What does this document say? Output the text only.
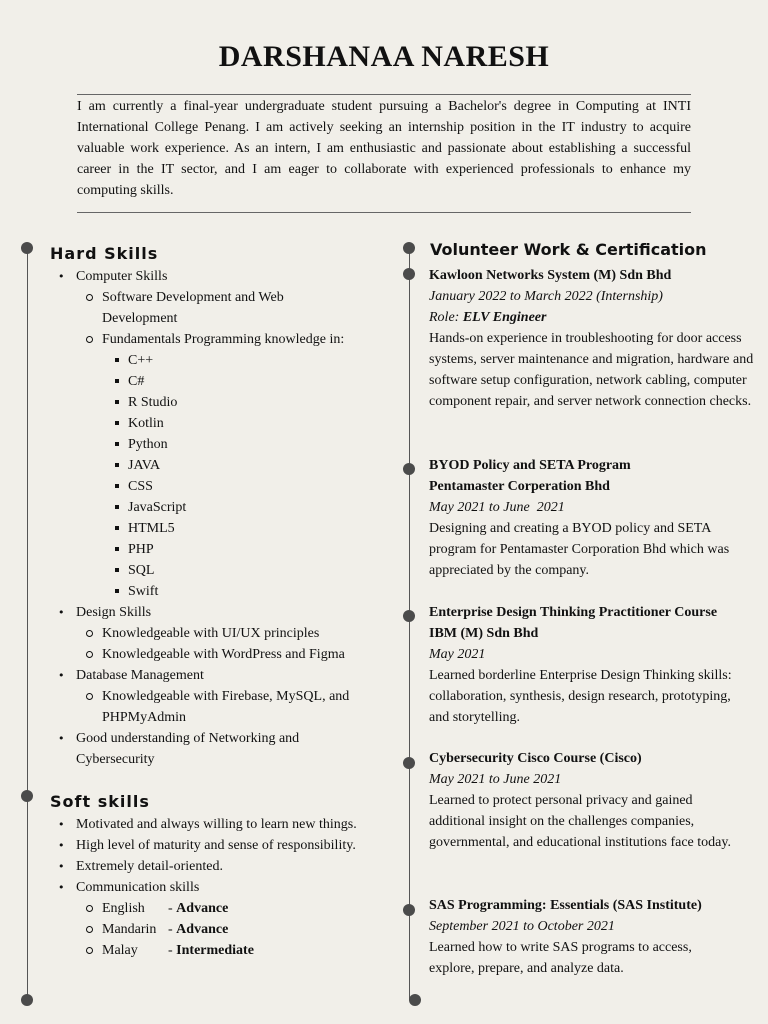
DARSHANAA NARESH

I am currently a final-year undergraduate student pursuing a Bachelor's degree in Computing at INTI International College Penang. I am actively seeking an internship position in the IT industry to acquire valuable work experience. As an intern, I am enthusiastic and passionate about establishing a successful career in the IT sector, and I am eager to collaborate with experienced professionals to enhance my computing skills.

Hard Skills
• Computer Skills
Software Development and Web Development
Fundamentals Programming knowledge in:
C++
C#
R Studio
Kotlin
Python
JAVA
CSS
JavaScript
HTML5
PHP
SQL
Swift
• Design Skills
Knowledgeable with UI/UX principles
Knowledgeable with WordPress and Figma
• Database Management
Knowledgeable with Firebase, MySQL, and PHPMyAdmin
• Good understanding of Networking and Cybersecurity
Soft skills
• Motivated and always willing to learn new things.
• High level of maturity and sense of responsibility.
• Extremely detail-oriented.
• Communication skills
English - Advance
Mandarin - Advance
Malay - Intermediate
Volunteer Work & Certification
Kawloon Networks System (M) Sdn Bhd
January 2022 to March 2022 (Internship)
Role: ELV Engineer
Hands-on experience in troubleshooting for door access systems, server maintenance and migration, hardware and software setup configuration, network cabling, computer component repair, and server network connection checks.
BYOD Policy and SETA Program
Pentamaster Corperation Bhd
May 2021 to June  2021
Designing and creating a BYOD policy and SETA program for Pentamaster Corporation Bhd which was appreciated by the company.
Enterprise Design Thinking Practitioner Course
IBM (M) Sdn Bhd
May 2021
Learned borderline Enterprise Design Thinking skills: collaboration, synthesis, design research, prototyping, and storytelling.
Cybersecurity Cisco Course (Cisco)
May 2021 to June 2021
Learned to protect personal privacy and gained additional insight on the challenges companies, governmental, and educational institutions face today.
SAS Programming: Essentials (SAS Institute)
September 2021 to October 2021
Learned how to write SAS programs to access, explore, prepare, and analyze data.
